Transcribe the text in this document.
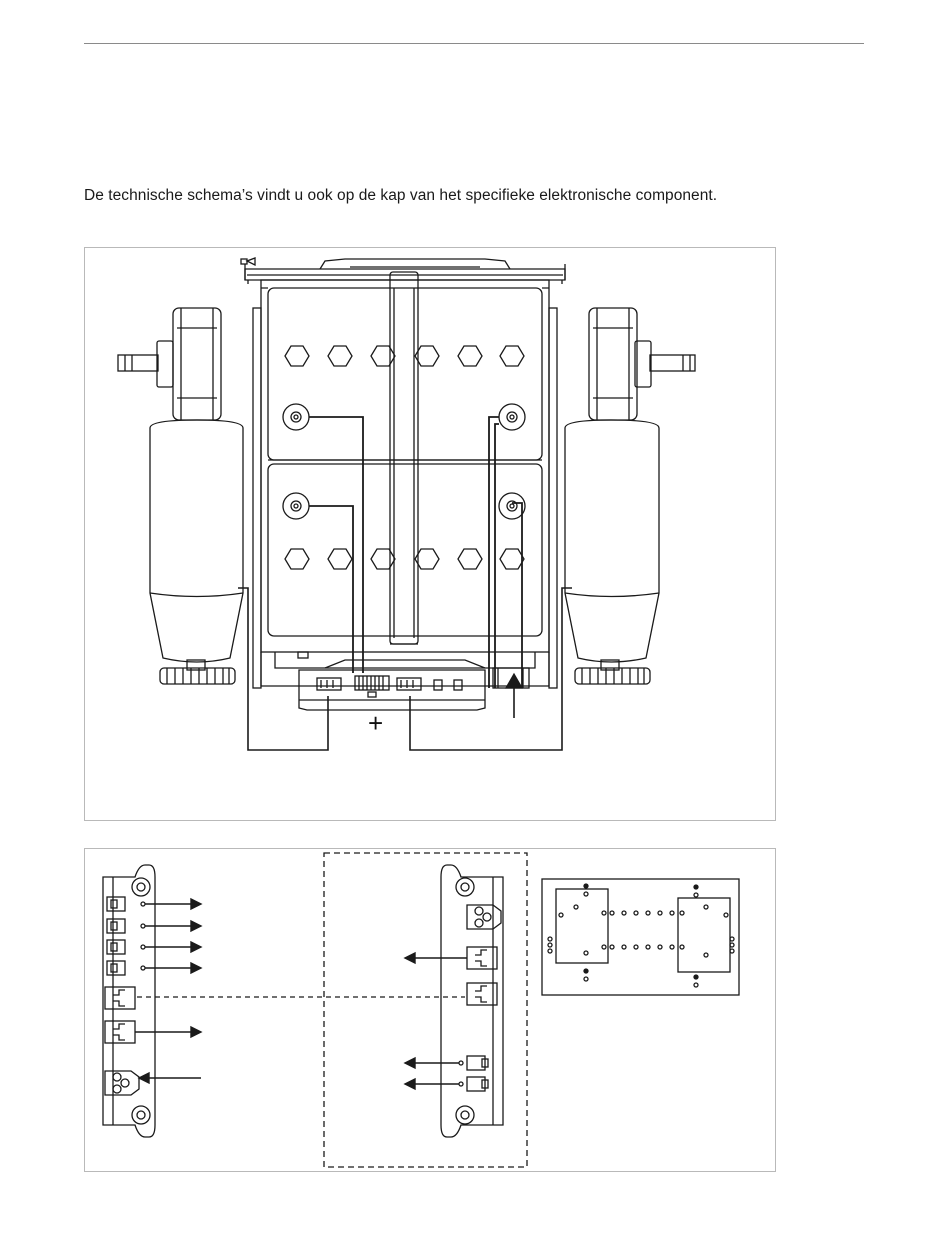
De technische schema’s vindt u ook op de kap van het specifieke elektronische component.

+
- -
